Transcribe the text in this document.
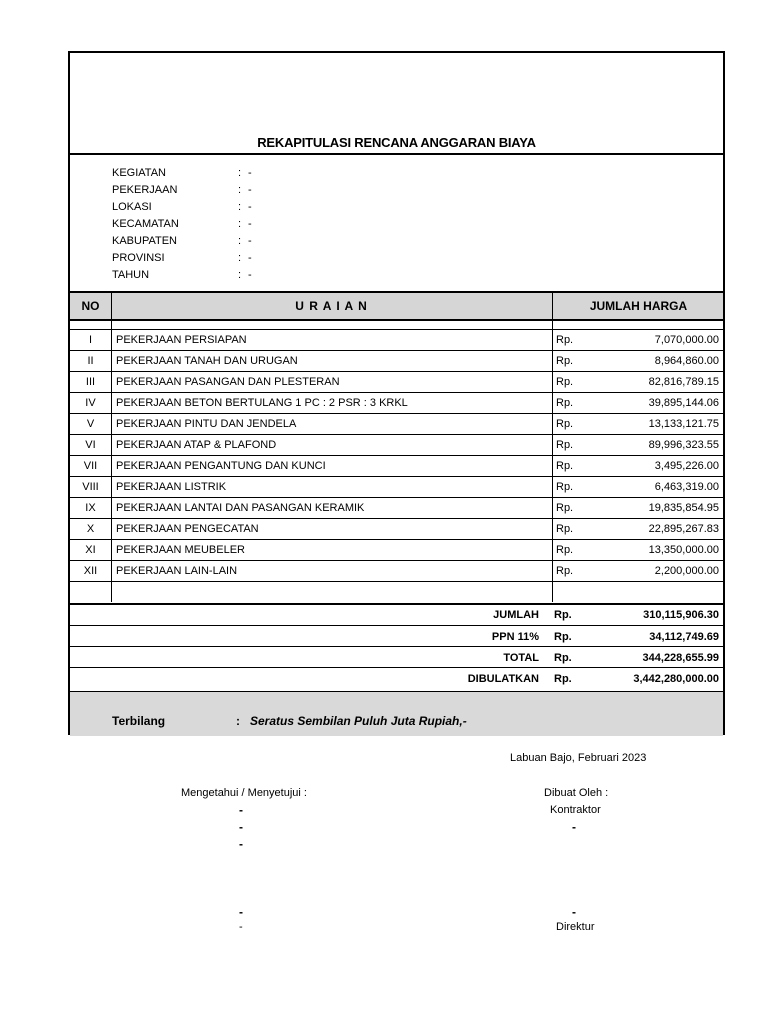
REKAPITULASI RENCANA ANGGARAN BIAYA
KEGIATAN	: -
PEKERJAAN	: -
LOKASI	: -
KECAMATAN	: -
KABUPATEN	: -
PROVINSI	: -
TAHUN	: -
NO	U R A I A N	JUMLAH HARGA
I	PEKERJAAN PERSIAPAN	Rp.	7,070,000.00
II	PEKERJAAN TANAH DAN URUGAN	Rp.	8,964,860.00
III	PEKERJAAN PASANGAN DAN PLESTERAN	Rp.	82,816,789.15
IV	PEKERJAAN BETON BERTULANG 1 PC : 2 PSR : 3 KRKL	Rp.	39,895,144.06
V	PEKERJAAN PINTU DAN JENDELA	Rp.	13,133,121.75
VI	PEKERJAAN ATAP & PLAFOND	Rp.	89,996,323.55
VII	PEKERJAAN PENGANTUNG DAN KUNCI	Rp.	3,495,226.00
VIII	PEKERJAAN LISTRIK	Rp.	6,463,319.00
IX	PEKERJAAN LANTAI DAN PASANGAN KERAMIK	Rp.	19,835,854.95
X	PEKERJAAN PENGECATAN	Rp.	22,895,267.83
XI	PEKERJAAN MEUBELER	Rp.	13,350,000.00
XII	PEKERJAAN LAIN-LAIN	Rp.	2,200,000.00
JUMLAH Rp.	310,115,906.30
PPN 11% Rp.	34,112,749.69
TOTAL Rp.	344,228,655.99
DIBULATKAN Rp.	3,442,280,000.00
Terbilang	: Seratus Sembilan Puluh Juta Rupiah,-
Labuan Bajo, Februari 2023
Mengetahui / Menyetujui :
-
-
-
-
-
Dibuat Oleh :
Kontraktor
-
-
Direktur
